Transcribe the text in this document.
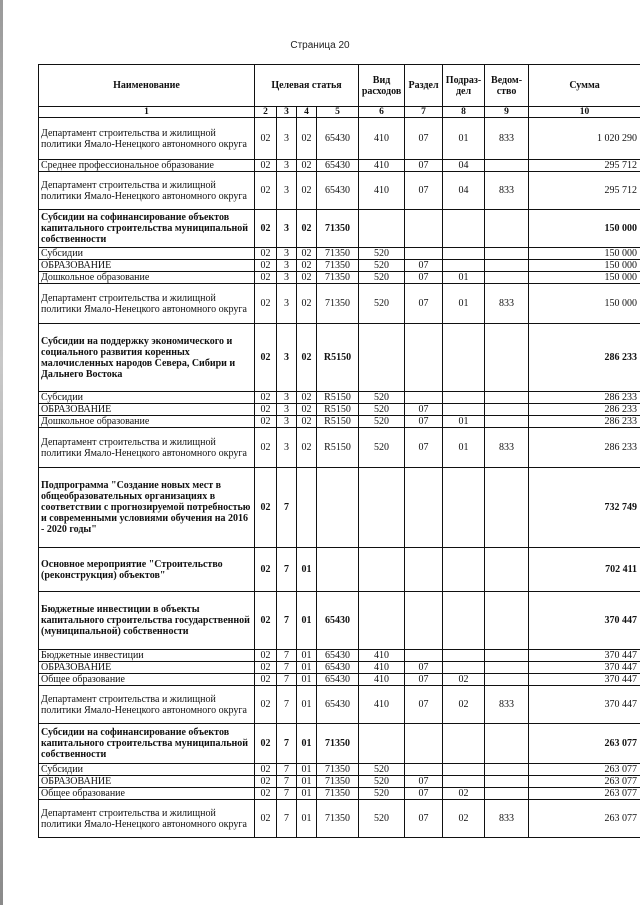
Страница 20
Наименование	Целевая статья				Вид расходов	Раздел	Подраз-дел	Ведом-ство	Сумма
1	2	3	4	5	6	7	8	9	10
Департамент строительства и жилищной политики Ямало-Ненецкого автономного округа	02	3	02	65430	410	07	01	833	1 020 290
Среднее профессиональное образование	02	3	02	65430	410	07	04		295 712
Департамент строительства и жилищной политики Ямало-Ненецкого автономного округа	02	3	02	65430	410	07	04	833	295 712
Субсидии на софинансирование объектов капитального строительства муниципальной собственности	02	3	02	71350					150 000
Субсидии	02	3	02	71350	520				150 000
ОБРАЗОВАНИЕ	02	3	02	71350	520	07			150 000
Дошкольное образование	02	3	02	71350	520	07	01		150 000
Департамент строительства и жилищной политики Ямало-Ненецкого автономного округа	02	3	02	71350	520	07	01	833	150 000
Субсидии на поддержку экономического и социального развития коренных малочисленных народов Севера, Сибири и Дальнего Востока	02	3	02	R5150					286 233
Субсидии	02	3	02	R5150	520				286 233
ОБРАЗОВАНИЕ	02	3	02	R5150	520	07			286 233
Дошкольное образование	02	3	02	R5150	520	07	01		286 233
Департамент строительства и жилищной политики Ямало-Ненецкого автономного округа	02	3	02	R5150	520	07	01	833	286 233
Подпрограмма "Создание новых мест в общеобразовательных организациях в соответствии с прогнозируемой потребностью и современными условиями обучения на 2016 - 2020 годы"	02	7							732 749
Основное мероприятие "Строительство (реконструкция) объектов"	02	7	01						702 411
Бюджетные инвестиции в объекты капитального строительства государственной (муниципальной) собственности	02	7	01	65430					370 447
Бюджетные инвестиции	02	7	01	65430	410				370 447
ОБРАЗОВАНИЕ	02	7	01	65430	410	07			370 447
Общее образование	02	7	01	65430	410	07	02		370 447
Департамент строительства и жилищной политики Ямало-Ненецкого автономного округа	02	7	01	65430	410	07	02	833	370 447
Субсидии на софинансирование объектов капитального строительства муниципальной собственности	02	7	01	71350					263 077
Субсидии	02	7	01	71350	520				263 077
ОБРАЗОВАНИЕ	02	7	01	71350	520	07			263 077
Общее образование	02	7	01	71350	520	07	02		263 077
Департамент строительства и жилищной политики Ямало-Ненецкого автономного округа	02	7	01	71350	520	07	02	833	263 077
